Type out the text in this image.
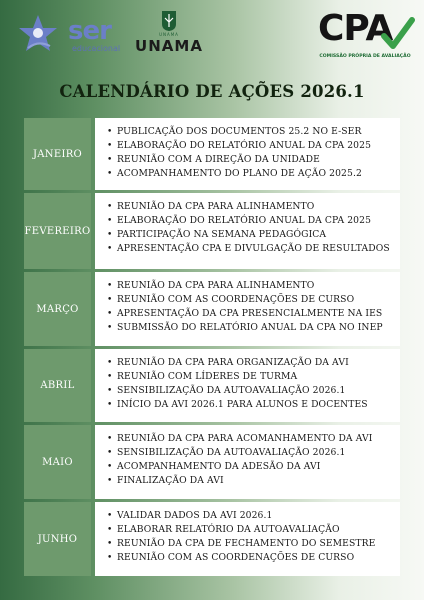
ser
educacional
UNAMA
UNAMA	CPA
COMISSÃO PRÓPRIA DE AVALIAÇÃO
CALENDÁRIO DE AÇÕES 2026.1
JANEIRO
• PUBLICAÇÃO DOS DOCUMENTOS 25.2 NO E-SER
• ELABORAÇÃO DO RELATÓRIO ANUAL DA CPA 2025
• REUNIÃO COM A DIREÇÃO DA UNIDADE
• ACOMPANHAMENTO DO PLANO DE AÇÃO 2025.2
FEVEREIRO
• REUNIÃO DA CPA PARA ALINHAMENTO
• ELABORAÇÃO DO RELATÓRIO ANUAL DA CPA 2025
• PARTICIPAÇÃO NA SEMANA PEDAGÓGICA
• APRESENTAÇÃO CPA E DIVULGAÇÃO DE RESULTADOS
MARÇO
• REUNIÃO DA CPA PARA ALINHAMENTO
• REUNIÃO COM AS COORDENAÇÕES DE CURSO
• APRESENTAÇÃO DA CPA PRESENCIALMENTE NA IES
• SUBMISSÃO DO RELATÓRIO ANUAL DA CPA NO INEP
ABRIL
• REUNIÃO DA CPA PARA ORGANIZAÇÃO DA AVI
• REUNIÃO COM LÍDERES DE TURMA
• SENSIBILIZAÇÃO DA AUTOAVALIAÇÃO 2026.1
• INÍCIO DA AVI 2026.1 PARA ALUNOS E DOCENTES
MAIO
• REUNIÃO DA CPA PARA ACOMANHAMENTO DA AVI
• SENSIBILIZAÇÃO DA AUTOAVALIAÇÃO 2026.1
• ACOMPANHAMENTO DA ADESÃO DA AVI
• FINALIZAÇÃO DA AVI
JUNHO
• VALIDAR DADOS DA AVI 2026.1
• ELABORAR RELATÓRIO DA AUTOAVALIAÇÃO
• REUNIÃO DA CPA DE FECHAMENTO DO SEMESTRE
• REUNIÃO COM AS COORDENAÇÕES DE CURSO
